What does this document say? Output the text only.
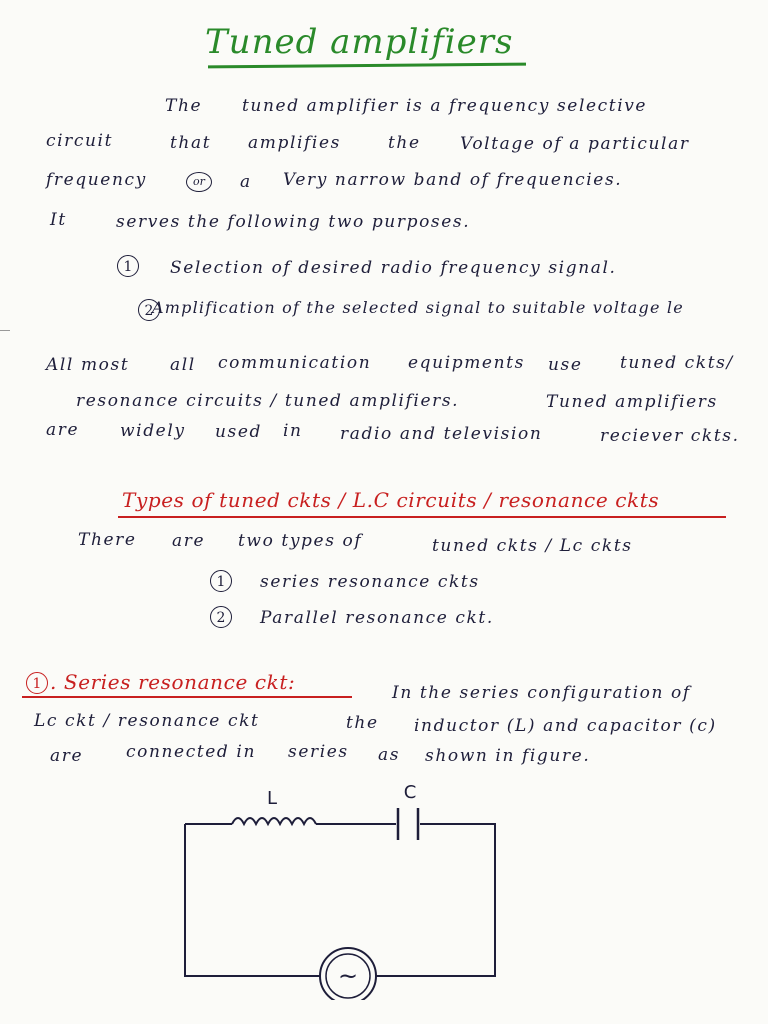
Tuned amplifiers
The tuned amplifier is a frequency selective
circuit	that amplifies	the Voltage of a particular
frequency	or	a Very narrow band of frequencies.
It	serves the following two purposes.
1	Selection of desired radio frequency signal.
2
Amplification of the selected signal to suitable voltage le
All most all communication equipments use tuned ckts/
resonance circuits / tuned amplifiers.	Tuned amplifiers
are widely used in radio and television	reciever ckts.
Types of tuned ckts / L.C circuits / resonance ckts
There are two types of	tuned ckts / Lc ckts
1	series resonance ckts
2	Parallel resonance ckt.
1 . Series resonance ckt:	In the series configuration of
Lc ckt / resonance ckt	the inductor (L) and capacitor (c)
are	connected in series as shown in figure.
~
L	C
